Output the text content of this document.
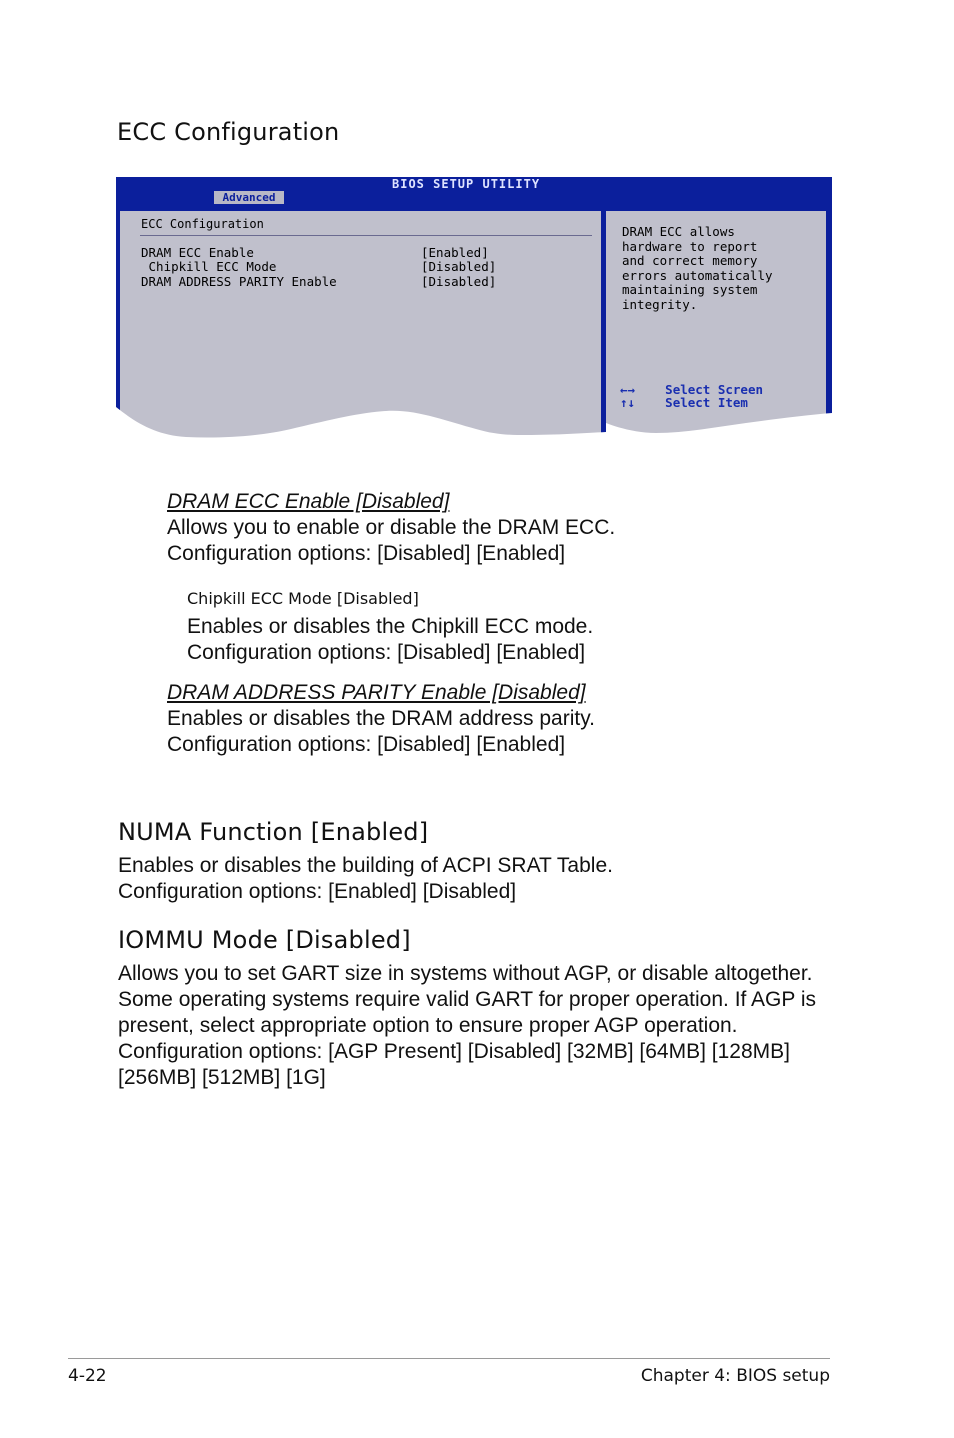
ECC Configuration
BIOS SETUP UTILITY
Advanced
ECC Configuration
DRAM ECC Enable	[Enabled]
Chipkill ECC Mode	[Disabled]
DRAM ADDRESS PARITY Enable	[Disabled]
DRAM ECC allows
hardware to report
and correct memory
errors automatically
maintaining system
integrity.
←→ Select Screen
↑↓ Select Item
DRAM ECC Enable [Disabled]
Allows you to enable or disable the DRAM ECC.
Configuration options: [Disabled] [Enabled]
Chipkill ECC Mode [Disabled]
Enables or disables the Chipkill ECC mode.
Configuration options: [Disabled] [Enabled]
DRAM ADDRESS PARITY Enable [Disabled]
Enables or disables the DRAM address parity.
Configuration options: [Disabled] [Enabled]
NUMA Function [Enabled]
Enables or disables the building of ACPI SRAT Table.
Configuration options: [Enabled] [Disabled]
IOMMU Mode [Disabled]
Allows you to set GART size in systems without AGP, or disable altogether.
Some operating systems require valid GART for proper operation. If AGP is
present, select appropriate option to ensure proper AGP operation.
Configuration options: [AGP Present] [Disabled] [32MB] [64MB] [128MB]
[256MB] [512MB] [1G]
4-22	Chapter 4: BIOS setup
